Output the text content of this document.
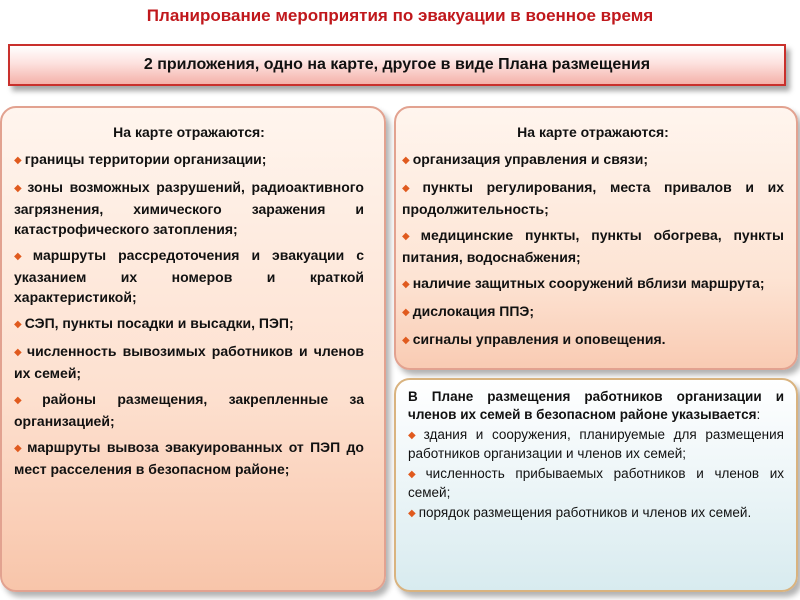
Планирование мероприятия по эвакуации в военное время
2 приложения, одно на карте, другое в виде Плана размещения
На карте отражаются:
◆ границы территории организации;
◆ зоны возможных разрушений, радиоактивного загрязнения, химического заражения и катастрофического затопления;
◆ маршруты рассредоточения и эвакуации с указанием их номеров и краткой характеристикой;
◆ СЭП, пункты посадки и высадки, ПЭП;
◆ численность вывозимых работников и членов их семей;
◆ районы размещения, закрепленные за организацией;
◆ маршруты вывоза эвакуированных от ПЭП до мест расселения в безопасном районе;
На карте отражаются:
◆ организация управления и связи;
◆ пункты регулирования, места привалов и их продолжительность;
◆ медицинские пункты, пункты обогрева, пункты питания, водоснабжения;
◆ наличие защитных сооружений вблизи маршрута;
◆ дислокация ППЭ;
◆ сигналы управления и оповещения.
В Плане размещения работников организации и членов их семей в безопасном районе указывается:
◆ здания и сооружения, планируемые для размещения работников организации и членов их семей;
◆ численность прибываемых работников и членов их семей;
◆ порядок размещения работников и членов их семей.
